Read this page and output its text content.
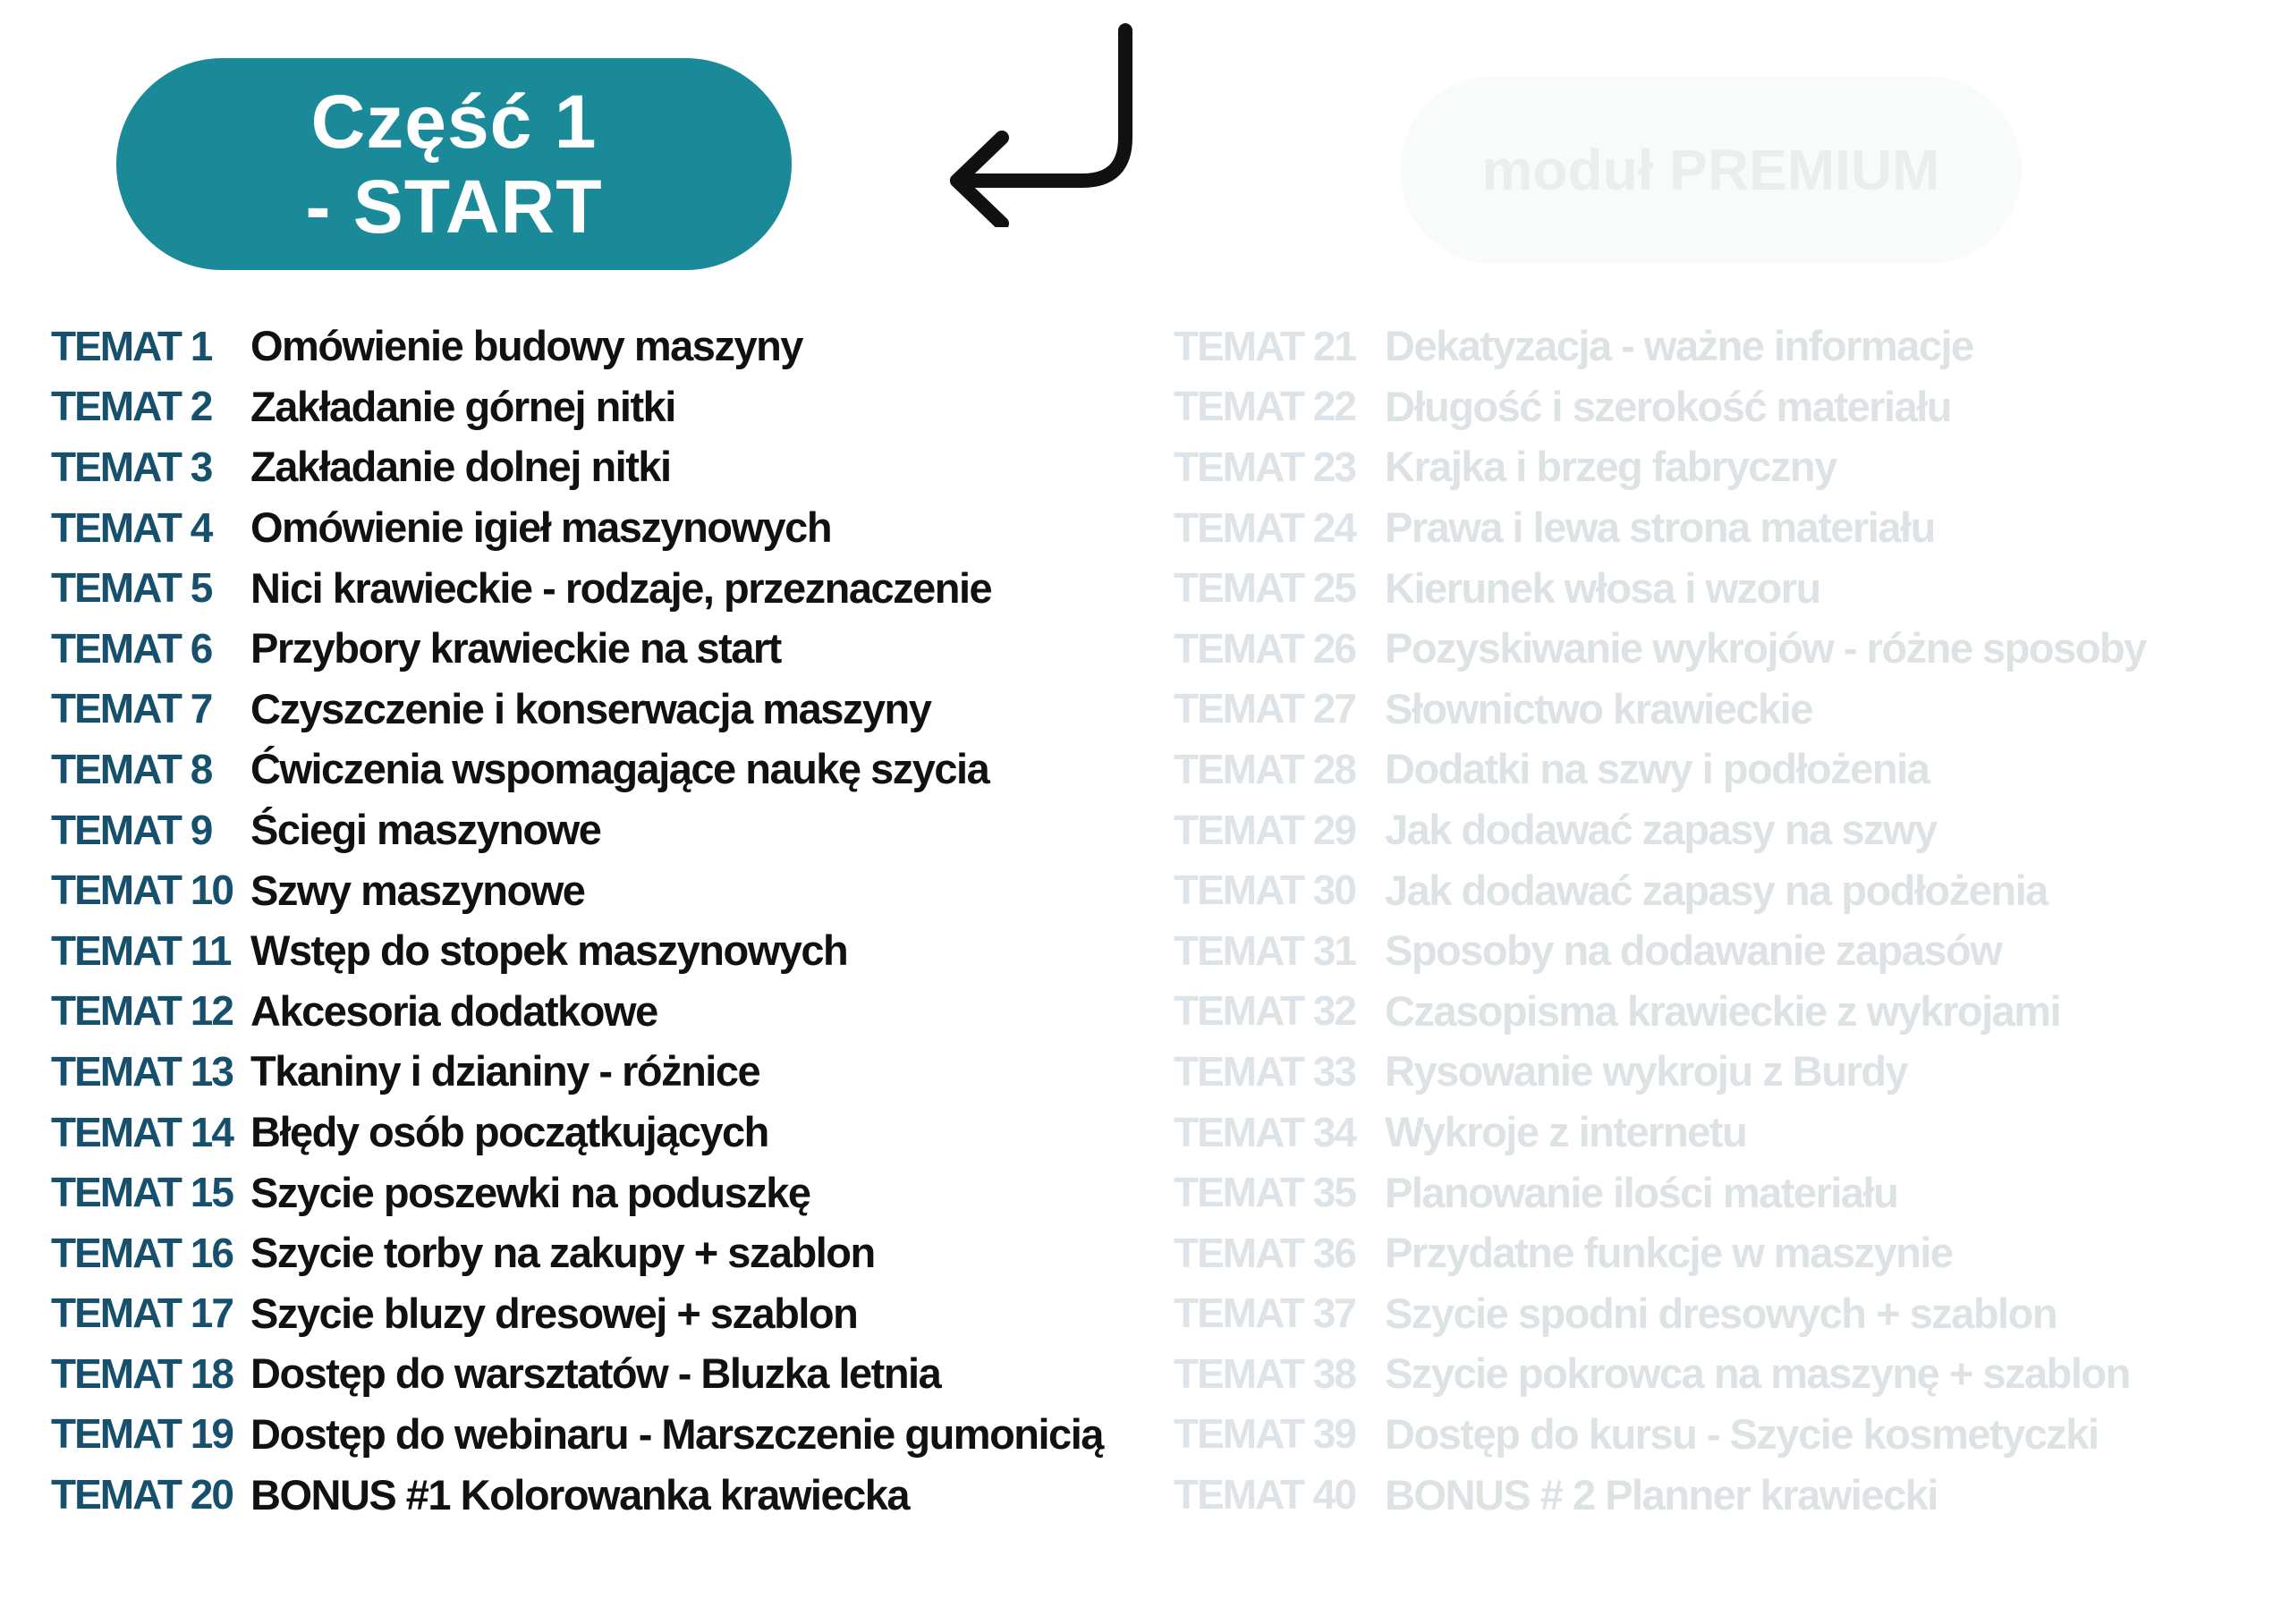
Część 1
- START	moduł PREMIUM
TEMAT 1 Omówienie budowy maszyny
TEMAT 2 Zakładanie górnej nitki
TEMAT 3 Zakładanie dolnej nitki
TEMAT 4 Omówienie igieł maszynowych
TEMAT 5 Nici krawieckie - rodzaje, przeznaczenie
TEMAT 6 Przybory krawieckie na start
TEMAT 7 Czyszczenie i konserwacja maszyny
TEMAT 8 Ćwiczenia wspomagające naukę szycia
TEMAT 9 Ściegi maszynowe
TEMAT 10 Szwy maszynowe
TEMAT 11 Wstęp do stopek maszynowych
TEMAT 12 Akcesoria dodatkowe
TEMAT 13 Tkaniny i dzianiny - różnice
TEMAT 14 Błędy osób początkujących
TEMAT 15 Szycie poszewki na poduszkę
TEMAT 16 Szycie torby na zakupy + szablon
TEMAT 17 Szycie bluzy dresowej + szablon
TEMAT 18 Dostęp do warsztatów - Bluzka letnia
TEMAT 19 Dostęp do webinaru - Marszczenie gumonicią
TEMAT 20 BONUS #1 Kolorowanka krawiecka
TEMAT 21 Dekatyzacja - ważne informacje
TEMAT 22 Długość i szerokość materiału
TEMAT 23 Krajka i brzeg fabryczny
TEMAT 24 Prawa i lewa strona materiału
TEMAT 25 Kierunek włosa i wzoru
TEMAT 26 Pozyskiwanie wykrojów - różne sposoby
TEMAT 27 Słownictwo krawieckie
TEMAT 28 Dodatki na szwy i podłożenia
TEMAT 29 Jak dodawać zapasy na szwy
TEMAT 30 Jak dodawać zapasy na podłożenia
TEMAT 31 Sposoby na dodawanie zapasów
TEMAT 32 Czasopisma krawieckie z wykrojami
TEMAT 33 Rysowanie wykroju z Burdy
TEMAT 34 Wykroje z internetu
TEMAT 35 Planowanie ilości materiału
TEMAT 36 Przydatne funkcje w maszynie
TEMAT 37 Szycie spodni dresowych + szablon
TEMAT 38 Szycie pokrowca na maszynę + szablon
TEMAT 39 Dostęp do kursu - Szycie kosmetyczki
TEMAT 40 BONUS # 2 Planner krawiecki
